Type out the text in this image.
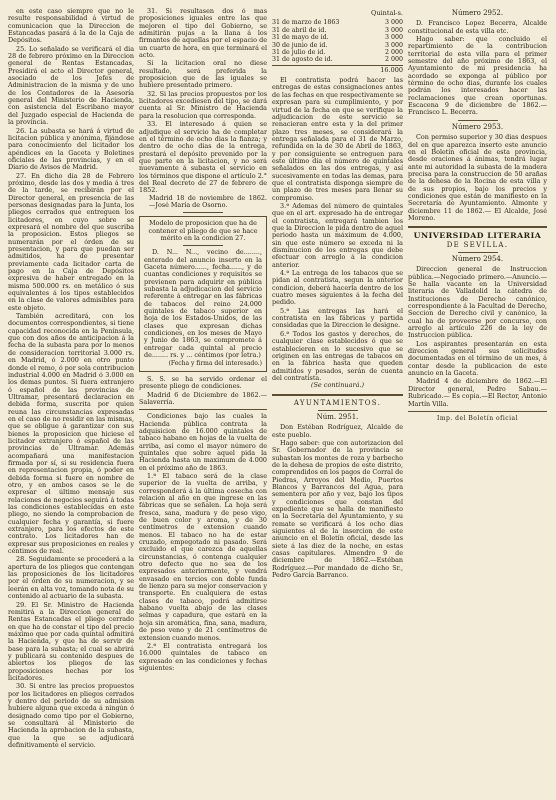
en este caso siempre que no le resulte responsabilidad á virtud de comunicacion que la Direccion de Estancadas pasará á la de la Caja de Depósitos.

25. Lo señalado se verificará el dia 28 de febrero próximo en la Direccion general de Rentas Estancadas, Presidirá el acto el Director general, asociado de los Jefes de Administracion de la misma y de uno de los Contadores de la Asesoría general del Ministerio de Hacienda, con asistencia del Escribano mayor del Juzgado especial de Hacienda de la provincia.

26. La subasta se hará á virtud de licitacion pública y anónima, fijándose para conocimiento del licitador los apéndices en la Gaceta y Boletines oficiales de las provincias, y en el Diario de Avisos de Madrid.

27. En dicho dia 28 de Febrero próximo, desde las dos y media á tres de la tarde, se recibirán por el Director general, en presencia de las personas designadas para la Junta, los pliegos cerrados que entreguen los licitadores, en cuyo sobre se expresará el nombre del que suscriba la proposicion. Estos pliegos se numerarán por el órden de su presentacion, y para que puedan ser admitidos, ha de presentar previamente cada licitador carta de pago en la Caja de Depósitos expresiva de haber entregado en la misma 500.000 rs. en metálico ó sus equivalentes á los tipos establecidos en la clase de valores admisibles para este objeto.

También acreditará, con los documentos correspondientes, si tiene capacidad reconocida en la Península, que con dos años de anticipacion á la fecha de la subasta para por lo menos de consideracion territorial 3.000 rs. en Madrid, ó 2.000 en otro punto donde el remo, ó por sola contribucion industrial 4.000 en Madrid ó 3.000 en los demas puntos. Si fuera extranjero ó español de las provincias de Ultramar, presentará declaracion en debida forma, suscrita por quien reuna las circunstancias expresadas en el caso de no residir en las mismas, que se obligue á garantizar con sus bienes la proposicion que hiciese el licitador extranjero ó español de las provincias de Ultramar. Además acompañará una manifestacion firmada por sí, si su residencia fuera en representacion propia, ó poder en debida forma si fuere en nombre de otro, y en ambos casos se le de expresar el último mensaje sus relaciones de negocios seguirá á todas las condiciones establecidas en este pliego, no siendo la comprobacion de cualquier fecha y garantía, si fuere extranjero, para los efectos de este contrato. Los licitadores han de expresar sus proposiciones en reales y céntimos de real.

28. Seguidamente se procederá a la apertura de los pliegos que contengan las proposiciones de los licitadores por el órden de su numeracion, y se leerán en alta voz, tomando nota de su contenido al actuario de la subasta.

29. El Sr. Ministro de Hacienda remitirá a la Direccion general de Rentas Estancadas el pliego cerrado en que ha de constar el tipo del precio máximo que por cada quintal admitirá la Hacienda, y que ha de servir de base para la subasta; el cual se abrirá y publicará su contenido despues de abiertos los pliegos de las proposiciones hechas por los licitadores.

30. Si entre las precios propuestos por los licitadores en pliegos cerrados y dentro del periodo de su admision hubiere alguna que exceda á ningún ó designado como tipo por el Gobierno, se consultará al Ministerio de Hacienda la aprobacion de la subasta, que la que se adjudicará definitivamente el servicio.

31. Si resultasen dos ó mas proposiciones iguales entre las que mejoren el tipo del Gobierno, se admitirán pujas a la llana á los firmantes de aquellas por el espacio de un cuarto de hora, en que terminará el acto.

Si la licitacion oral no diese resultado, será preferida la proposicion que de las iguales se hubiere presentado primero.

32. Si las precios propuestos por los licitadores excediesen del tipo, se dará cuenta al Sr. Ministro de Hacienda para la resolucion que corresponda.

33. El interesado á quien se adjudique el servicio ha de completar en el término de ocho dias la fianza; y dentro de ocho dias de la entrega, prestará el depósito prevenido por la que parte en la licitacion, y no será nuevamente á subasta el servicio en los términos que dispone el artículo 2.° del Real decreto de 27 de febrero de 1852.

Madrid 18 de noviembre de 1862. —José María de Osorno.

Modelo de proposicion que ha de contener el pliego de que se hace mérito en la condicion 27.

D. N... N..., vecino de........, enterado del anuncio inserto en la Gaceta número......, fecha......, y de cuantas condiciones y requisitos se previenen para adquirir en pública subasta la adjudicacion del servicio referente á entregar en las fábricas de tabacos del reino 24.000 quintales de tabaco superior en hoja de los Estados-Unidos, de las clases que expresan dichas condiciones, en los meses de Mayo y Junio de 1863, se compromete á entregar cada quintal al precio de........ rs. y ... céntimos (por letra.)

(Fecha y firma del interesado.)

S. S. se ha servido ordenar el presente pliego de condiciones.

Madrid 6 de Diciembre de 1862.— Salaverría.

Condiciones bajo las cuales la Hacienda pública contrata la adquisicion de 16.000 quintales de tabaco habano en hojas de la vuelta de arriba, así como el mayor número de quintales que sobre aquel pida la Hacienda hasta un maximum de 4.000 en el próximo año de 1863.

1.ª El tabaco será de la clase superior de la vuelta de arriba, y corresponderá á la última cosecha con relacion al año en que ingrese en las fábricas que se señalen. La hoja será fresca, sana, madura y de peso vigo, de buen color y aroma, y de 30 centímetros de extension cuando menos. El tabaco no ha de estar cruzado, empegotado ni pasado. Será excluido el que carezca de aquellas circunstancias, ó contenga cualquier otro defecto que no sea de los expresados anteriormente, y vendrá envasado en tercios con doble funda de lienzo para su mejor conservacion y transporte. En cualquiera de estas clases de tabaco, podrá admitirse habano vuelta abajo de las clases selmas y capadura, que estará en la hoja sin aromática, fina, sana, madura, de peso veno y de 21 centímetros de extension cuando menos.

2.ª El contratista entregará los 16.000 quintales de tabaco en expresado en las condiciones y fechas siguientes:

Quintal-s.
31 de marzo de 1863	3 000
31 de abril de id.	3 000
31 de mayo de id.	3 000
30 de junio de id.	3 000
31 de julio de id.	2 000
31 de agosto de id.	2 000
16.000

El contratista podrá hacer las entregas de estas consignaciones antes de las fechas en que respectivamente se expresan para su cumplimiento, y por virtud de la fecha en que se verifique la adjudicacion de este servicio se renacieran entre esta y la del primer plazo tres meses, se considerará la entrega señalada para el 31 de Marzo, refundida en la de 30 de Abril de 1863, y por consiguiente se entreguen para este último dia el número de quintales señalados en las dos entregas, y así sucesivamente en todas las demas, para que el contratista disponga siempre de un plazo de tres meses para llenar su compromiso.

3.ª Ademas del número de quintales que en el art. expresado ha de entregar el contratista, entregará tambien los que la Direccion le pida dentro de aquel periodo hasta un máximum de 4.000, sin que este número se exceda ni la disminucion de los entregas que debe efectuar con arreglo á la condicion anterior.

4.ª La entrega de los tabacos que se pidan al contratista, segun la anterior condicion, deberá hacerla dentro de los cuatro meses siguientes á la fecha del pedido.

5.ª Las entregas las hará el contratista en las fábricas y partida considadas que la Direccion le designe.

6.ª Todos los gastos y derechos, de cualquier clase establecidos ó que se establecieren en lo sucesivo que se originen en las entregas de tabacos en en la fábrica hasta que queden admitidos y pesados, serán de cuenta del contratista.

(Se continuará.)

AYUNTAMIENTOS.
Núm. 2951.

Don Estéban Rodríguez, Alcalde de este pueblo.

Hago saber: que con autorizacion del Sr. Gobernador de la provincia se subastan los montes de roza y barbecho de la dehesa de propios de este distrito, comprendidos en los pagos de Corral de Piedras, Arroyos del Medio, Puertos Blancos y Barrancos del Agua, para sementera por año y vez, bajo los tipos y condiciones que constan del expediente que se halla de manifiesto en la Secretaría del Ayuntamiento, y su remate se verificará á los ocho dias siguientes al de la insercion de este anuncio en el Boletín oficial, desde las siete á las diez de la noche, en estas casas capitulares. Almendro 9 de diciembre de 1862.—Estéban Rodríguez.—Por mandado de dicho Sr., Pedro García Barranco.

Número 2952.

D. Francisco Lopez Becerra, Alcalde constitucional de esta villa etc.

Hago saber: que concluido el repartimiento de la contribucion territorial de esta villa para el primer semestre del año próximo de 1863, el Ayuntamiento de mi presidencia ha acordado se exponga al público por término de ocho dias, durante los cuales podrán los interesados hacer las reclamaciones que crean oportunas. Escacena 9 de diciembre de 1862.—Francisco L. Becerra.

Número 2953.

Con permiso superior y 30 dias despues del en que aparezca inserto este anuncio en el Boletín oficial de esta provincia, desde oraciones á ánimas, tendrá lugar ante mi autoridad la subasta de la madera precisa para la construccion de 50 arañas de la dehesa de la Rocina de esta villa y de sus propios, bajo los precios y condiciones que están de manifiesto en la Secretaría de Ayuntamiento. Almonte y diciembre 11 de 1862.— El Alcalde, José Moreno.

UNIVERSIDAD LITERARIA
DE SEVILLA.
Número 2954.

Direccion general de Instruccion pública.—Negociado primero.—Anuncio.—Se halla vacante en la Universidad literaria de Valladolid la cátedra de Instituciones de Derecho canónico, correspondiente á la Facultad de Derecho, Seccion de Derecho civil y canónico, la cual ha de proveerse por concurso, con arreglo al artículo 226 de la ley de Instruccion pública.

Los aspirantes presentarán en esta direccion general sus solicitudes documentadas en el término de un mes, á contar desde la publicacion de este anuncio en la Gaceta.

Madrid 4 de diciembre de 1862.—El Director general, Pedro Sabau.—Rubricado.— Es copia.—El Rector, Antonio Martín Villa.

Imp. del Boletín oficial
